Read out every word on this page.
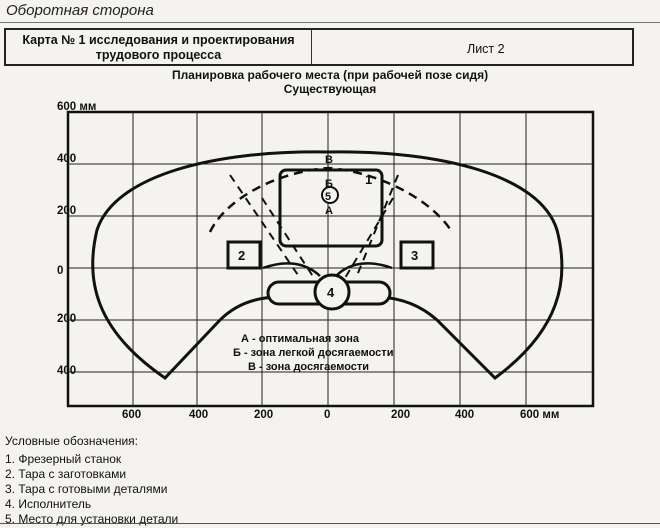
Оборотная сторона
Карта № 1 исследования и проектирования
трудового процесса	Лист 2
Планировка рабочего места (при рабочей позе сидя)
Существующая
1
2	3
4
5
А
Б
В
600 мм
400
200
0
200
400
600	400	200	0	200	400	600 мм
А - оптимальная зона
Б - зона легкой досягаемости
В - зона досягаемости
Условные обозначения:
1. Фрезерный станок
2. Тара с заготовками
3. Тара с готовыми деталями
4. Исполнитель
5. Место для установки детали
